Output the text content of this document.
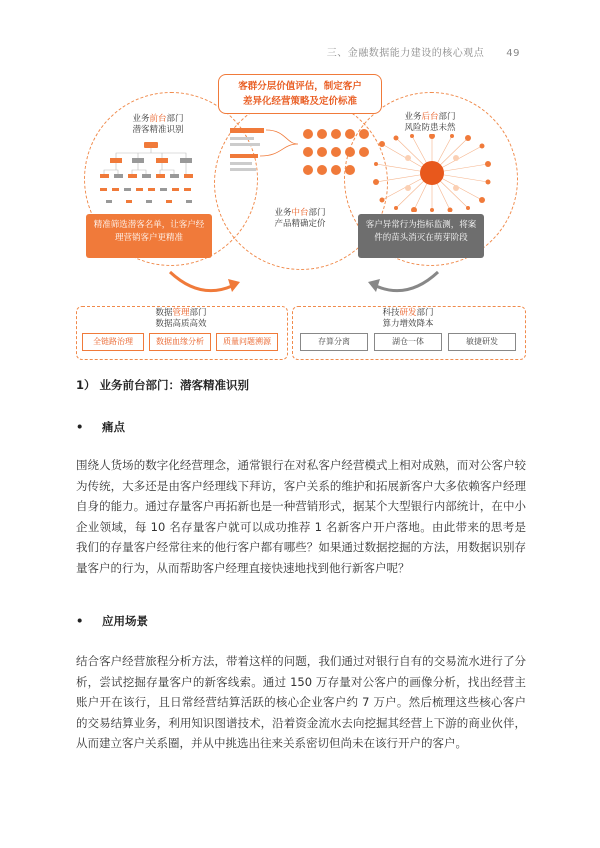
三、金融数据能力建设的核心观点 49
客群分层价值评估，制定客户
差异化经营策略及定价标准
业务前台部门
潜客精准识别
业务中台部门
产品精确定价
业务后台部门
风险防患未然
精准筛选潜客名单，让客户经理营销客户更精准
客户异常行为指标监测，将案件的苗头消灭在萌芽阶段
数据管理部门
数据高质高效
全链路治理	数据血缘分析	质量问题溯源
科技研发部门
算力增效降本
存算分离	湖仓一体	敏捷研发
1） 业务前台部门：潜客精准识别
• 痛点
围绕人货场的数字化经营理念，通常银行在对私客户经营模式上相对成熟，而对公客户较为传统，大多还是由客户经理线下拜访，客户关系的维护和拓展新客户大多依赖客户经理自身的能力。通过存量客户再拓新也是一种营销形式，据某个大型银行内部统计，在中小企业领域，每 10 名存量客户就可以成功推荐 1 名新客户开户落地。由此带来的思考是我们的存量客户经常往来的他行客户都有哪些？如果通过数据挖掘的方法，用数据识别存量客户的行为，从而帮助客户经理直接快速地找到他行新客户呢？
• 应用场景
结合客户经营旅程分析方法，带着这样的问题，我们通过对银行自有的交易流水进行了分析，尝试挖掘存量客户的新客线索。通过 150 万存量对公客户的画像分析，找出经营主账户开在该行，且日常经营结算活跃的核心企业客户约 7 万户。然后梳理这些核心客户的交易结算业务，利用知识图谱技术，沿着资金流水去向挖掘其经营上下游的商业伙伴，从而建立客户关系圈，并从中挑选出往来关系密切但尚未在该行开户的客户。
